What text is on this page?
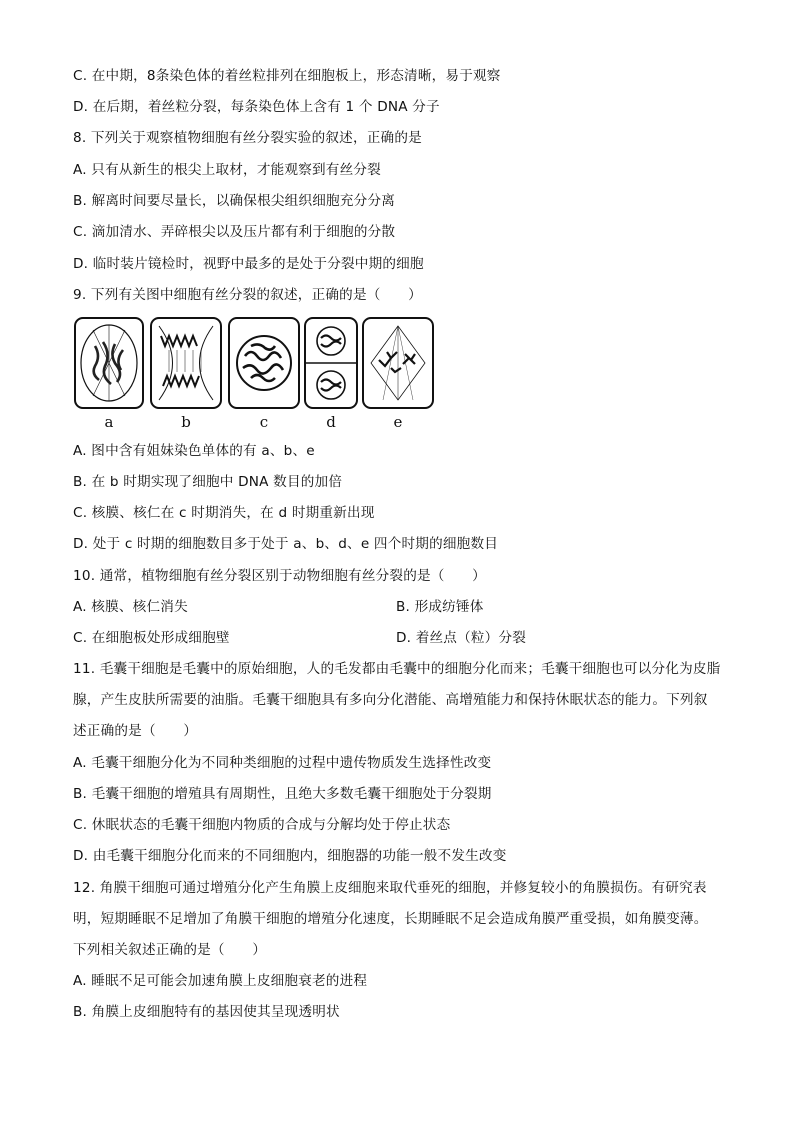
C. 在中期，8条染色体的着丝粒排列在细胞板上，形态清晰，易于观察
D. 在后期，着丝粒分裂，每条染色体上含有 1 个 DNA 分子
8. 下列关于观察植物细胞有丝分裂实验的叙述，正确的是
A. 只有从新生的根尖上取材，才能观察到有丝分裂
B. 解离时间要尽量长，以确保根尖组织细胞充分分离
C. 滴加清水、弄碎根尖以及压片都有利于细胞的分散
D. 临时装片镜检时，视野中最多的是处于分裂中期的细胞
9. 下列有关图中细胞有丝分裂的叙述，正确的是（　　）
a	b	c	d	e
A. 图中含有姐妹染色单体的有 a、b、e
B. 在 b 时期实现了细胞中 DNA 数目的加倍
C. 核膜、核仁在 c 时期消失，在 d 时期重新出现
D. 处于 c 时期的细胞数目多于处于 a、b、d、e 四个时期的细胞数目
10. 通常，植物细胞有丝分裂区别于动物细胞有丝分裂的是（　　）
A. 核膜、核仁消失	B. 形成纺锤体
C. 在细胞板处形成细胞壁	D. 着丝点（粒）分裂
11. 毛囊干细胞是毛囊中的原始细胞，人的毛发都由毛囊中的细胞分化而来；毛囊干细胞也可以分化为皮脂
腺，产生皮肤所需要的油脂。毛囊干细胞具有多向分化潜能、高增殖能力和保持休眠状态的能力。下列叙
述正确的是（　　）
A. 毛囊干细胞分化为不同种类细胞的过程中遗传物质发生选择性改变
B. 毛囊干细胞的增殖具有周期性，且绝大多数毛囊干细胞处于分裂期
C. 休眠状态的毛囊干细胞内物质的合成与分解均处于停止状态
D. 由毛囊干细胞分化而来的不同细胞内，细胞器的功能一般不发生改变
12. 角膜干细胞可通过增殖分化产生角膜上皮细胞来取代垂死的细胞，并修复较小的角膜损伤。有研究表
明，短期睡眠不足增加了角膜干细胞的增殖分化速度，长期睡眠不足会造成角膜严重受损，如角膜变薄。
下列相关叙述正确的是（　　）
A. 睡眠不足可能会加速角膜上皮细胞衰老的进程
B. 角膜上皮细胞特有的基因使其呈现透明状
